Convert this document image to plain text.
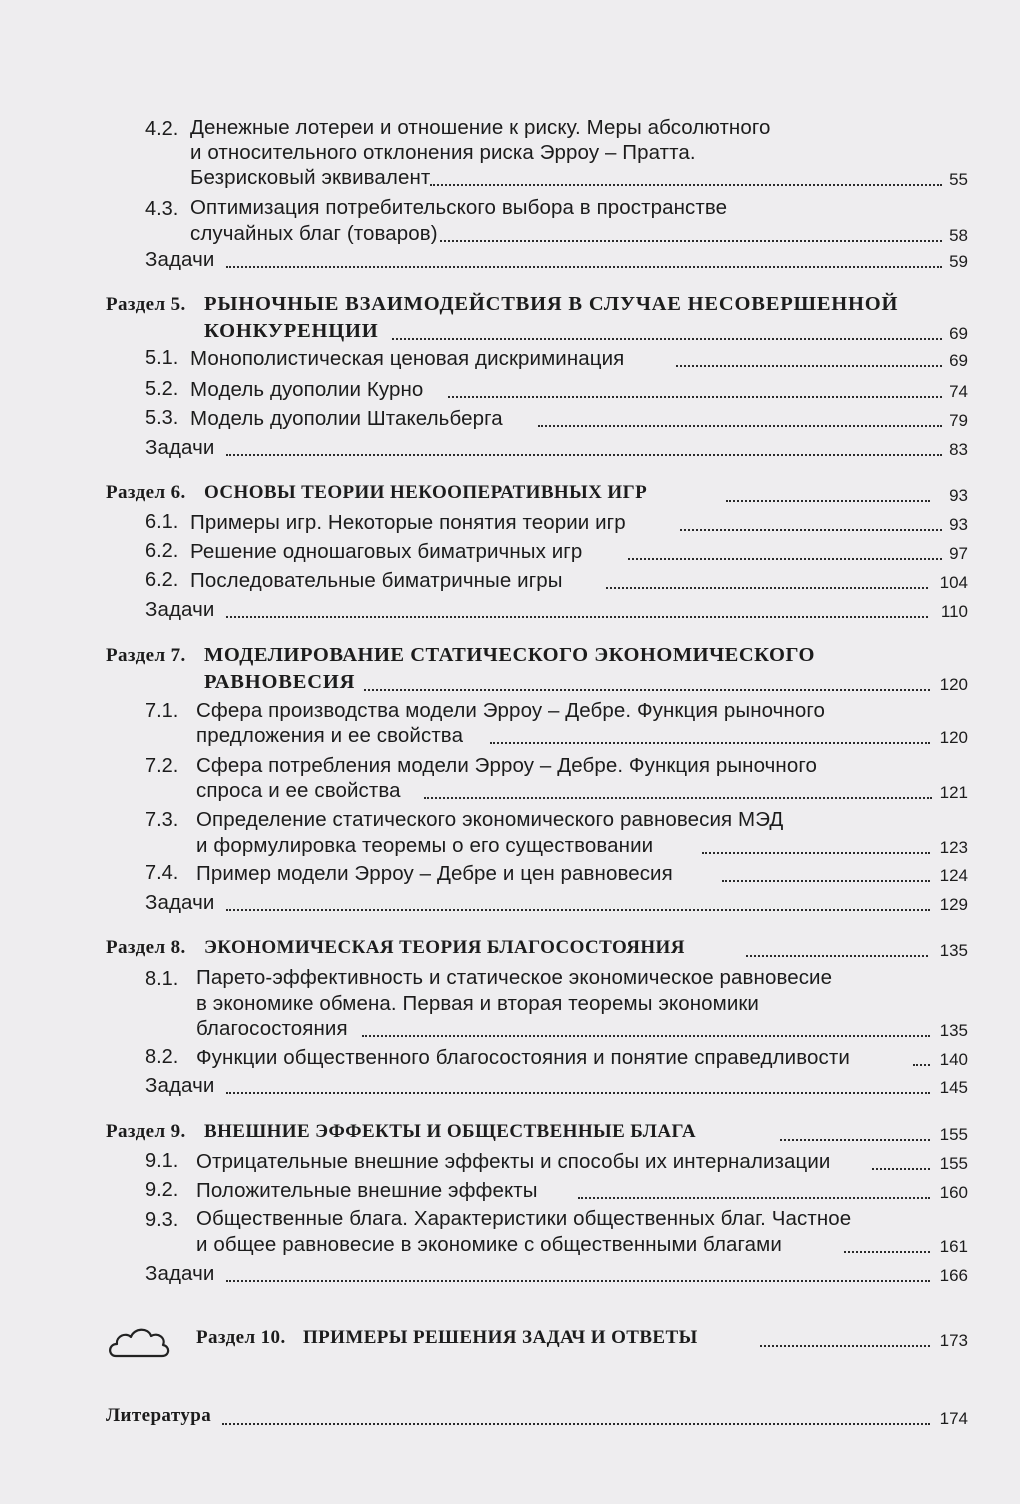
4.2. Денежные лотереи и отношение к риску. Меры абсолютного
и относительного отклонения риска Эрроу – Пратта.
Безрисковый эквивалент	55
4.3. Оптимизация потребительского выбора в пространстве
случайных благ (товаров)	58
Задачи	59
Раздел 5. РЫНОЧНЫЕ ВЗАИМОДЕЙСТВИЯ В СЛУЧАЕ НЕСОВЕРШЕННОЙ
КОНКУРЕНЦИИ	69
5.1. Монополистическая ценовая дискриминация	69
5.2. Модель дуополии Курно	74
5.3. Модель дуополии Штакельберга	79
Задачи	83
Раздел 6. ОСНОВЫ ТЕОРИИ НЕКООПЕРАТИВНЫХ ИГР	93
6.1. Примеры игр. Некоторые понятия теории игр	93
6.2. Решение одношаговых биматричных игр	97
6.2. Последовательные биматричные игры	104
Задачи	110
Раздел 7. МОДЕЛИРОВАНИЕ СТАТИЧЕСКОГО ЭКОНОМИЧЕСКОГО
РАВНОВЕСИЯ	120
7.1. Сфера производства модели Эрроу – Дебре. Функция рыночного
предложения и ее свойства	120
7.2. Сфера потребления модели Эрроу – Дебре. Функция рыночного
спроса и ее свойства	121
7.3. Определение статического экономического равновесия МЭД
и формулировка теоремы о его существовании	123
7.4. Пример модели Эрроу – Дебре и цен равновесия	124
Задачи	129
Раздел 8. ЭКОНОМИЧЕСКАЯ ТЕОРИЯ БЛАГОСОСТОЯНИЯ	135
8.1. Парето-эффективность и статическое экономическое равновесие
в экономике обмена. Первая и вторая теоремы экономики
благосостояния	135
8.2. Функции общественного благосостояния и понятие справедливости	140
Задачи	145
Раздел 9. ВНЕШНИЕ ЭФФЕКТЫ И ОБЩЕСТВЕННЫЕ БЛАГА	155
9.1. Отрицательные внешние эффекты и способы их интернализации	155
9.2. Положительные внешние эффекты	160
9.3. Общественные блага. Характеристики общественных благ. Частное
и общее равновесие в экономике с общественными благами	161
Задачи	166
Раздел 10. ПРИМЕРЫ РЕШЕНИЯ ЗАДАЧ И ОТВЕТЫ	173
Литература	174
